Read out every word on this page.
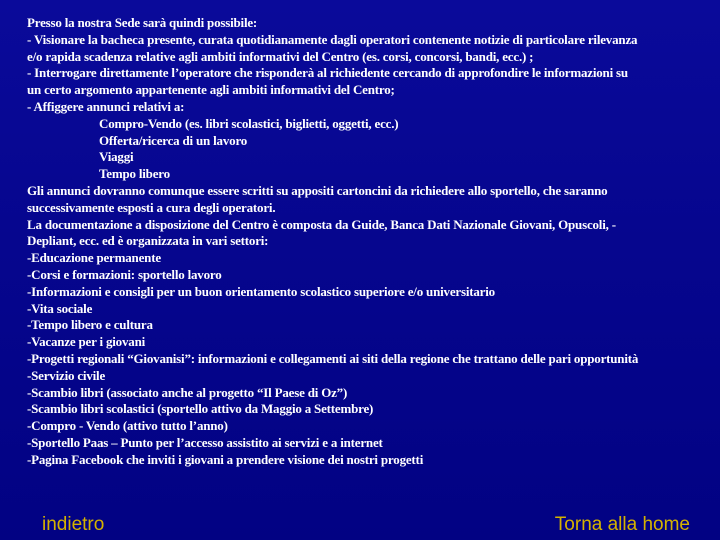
Presso la nostra Sede sarà quindi possibile:
- Visionare la bacheca presente, curata quotidianamente dagli operatori contenente notizie di particolare rilevanza
e/o rapida scadenza relative agli ambiti informativi del Centro (es. corsi, concorsi, bandi, ecc.) ;
- Interrogare direttamente l’operatore che risponderà al richiedente cercando di approfondire le informazioni su
un certo argomento appartenente agli ambiti informativi del Centro;
- Affiggere annunci relativi a:
Compro-Vendo (es. libri scolastici, biglietti, oggetti, ecc.)
Offerta/ricerca di un lavoro
Viaggi
Tempo libero
Gli annunci dovranno comunque essere scritti su appositi cartoncini da richiedere allo sportello, che saranno
successivamente esposti a cura degli operatori.
La documentazione a disposizione del Centro è composta da Guide, Banca Dati Nazionale Giovani, Opuscoli, -
Depliant, ecc. ed è organizzata in vari settori:
-Educazione permanente
-Corsi e formazioni: sportello lavoro
-Informazioni e consigli per un buon orientamento scolastico superiore e/o universitario
-Vita sociale
-Tempo libero e cultura
-Vacanze per i giovani
-Progetti regionali “Giovanisi”: informazioni e collegamenti ai siti della regione che trattano delle pari opportunità
-Servizio civile
-Scambio libri (associato anche al progetto “Il Paese di Oz”)
-Scambio libri scolastici (sportello attivo da Maggio a Settembre)
-Compro - Vendo (attivo tutto l’anno)
-Sportello Paas – Punto per l’accesso assistito ai servizi e a internet
-Pagina Facebook che inviti i giovani a prendere visione dei nostri progetti
indietro	Torna alla home
